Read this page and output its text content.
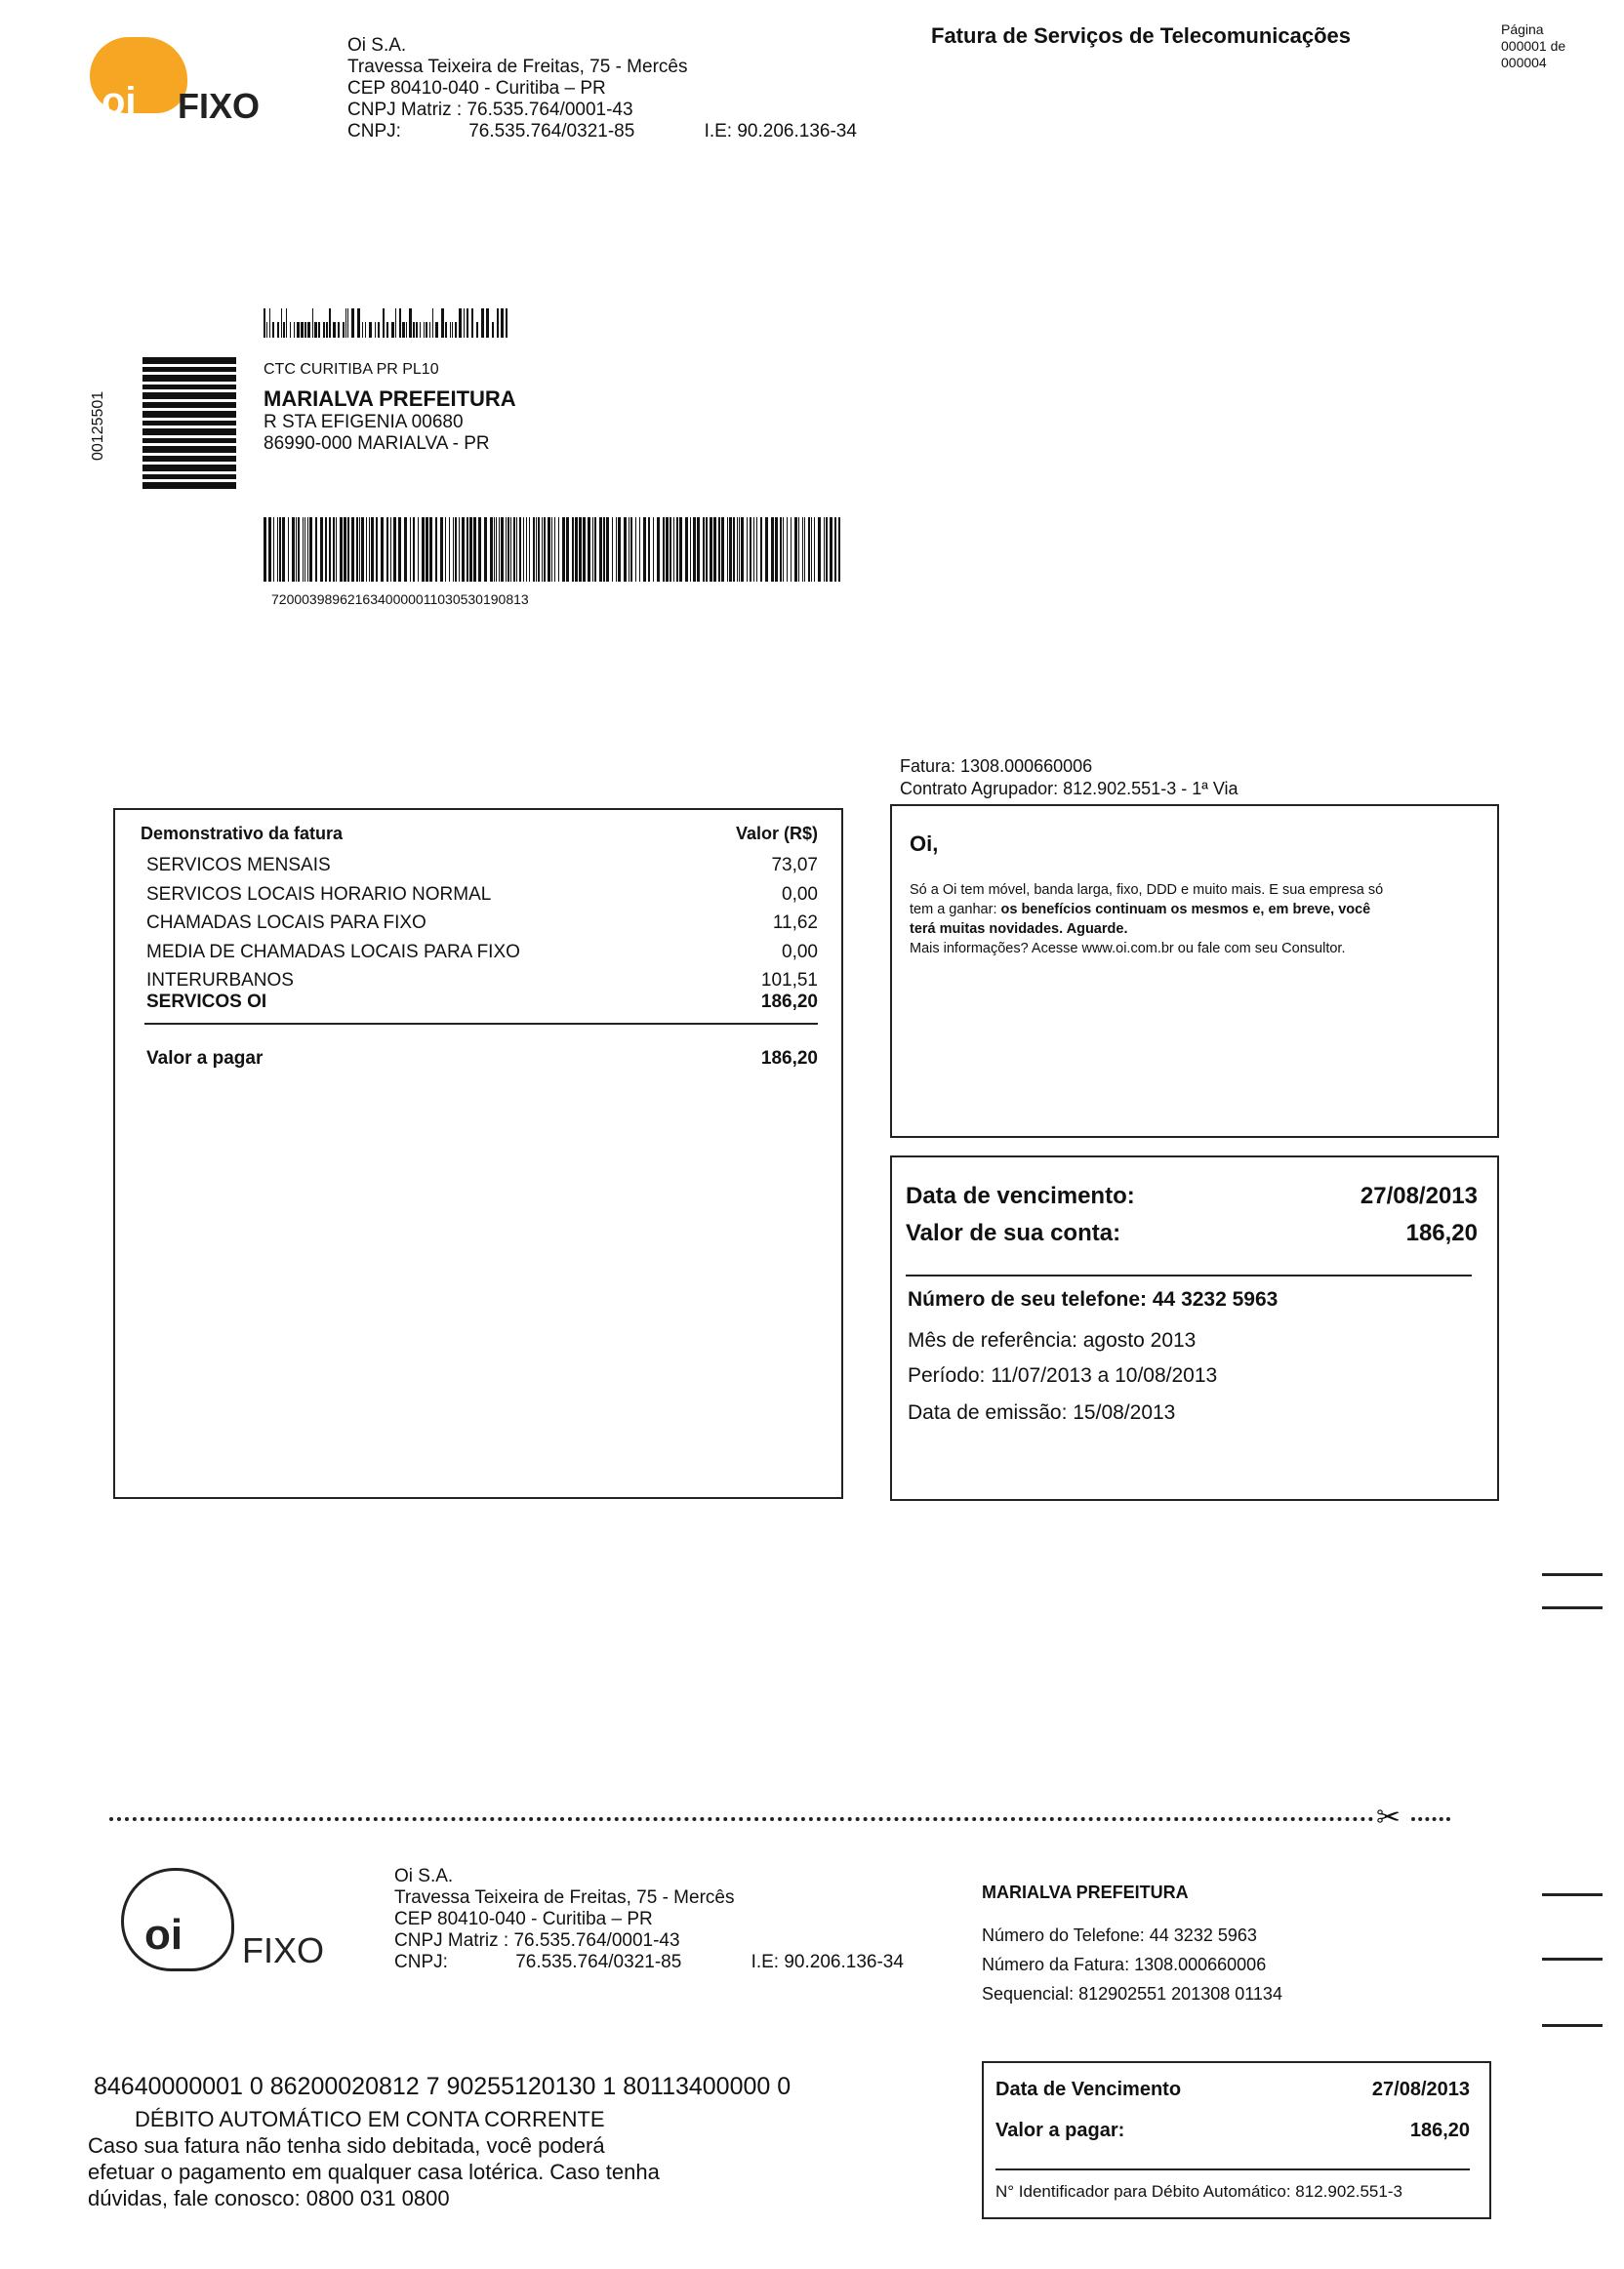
oi FIXO
Oi S.A.
Travessa Teixeira de Freitas, 75 - Mercês
CEP 80410-040 - Curitiba – PR
CNPJ Matriz : 76.535.764/0001-43
CNPJ:	76.535.764/0321-85	I.E: 90.206.136-34
Fatura de Serviços de Telecomunicações	Página
000001 de
000004
00125501
CTC CURITIBA PR PL10
MARIALVA PREFEITURA
R STA EFIGENIA 00680
86990-000 MARIALVA - PR
720003989621634000001103053019081​3
Fatura: 1308.000660006
Contrato Agrupador: 812.902.551-3 - 1ª Via
Demonstrativo da fatura	Valor (R$)
SERVICOS MENSAIS	73,07
SERVICOS LOCAIS HORARIO NORMAL	0,00
CHAMADAS LOCAIS PARA FIXO	11,62
MEDIA DE CHAMADAS LOCAIS PARA FIXO	0,00
INTERURBANOS	101,51
SERVICOS OI	186,20
Valor a pagar	186,20
Oi,
Só a Oi tem móvel, banda larga, fixo, DDD e muito mais. E sua empresa só
tem a ganhar: os benefícios continuam os mesmos e, em breve, você
terá muitas novidades. Aguarde.
Mais informações? Acesse www.oi.com.br ou fale com seu Consultor.
Data de vencimento:	27/08/2013
Valor de sua conta:	186,20
Número de seu telefone: 44 3232 5963
Mês de referência: agosto 2013
Período: 11/07/2013 a 10/08/2013
Data de emissão: 15/08/2013
✂
oi FIXO
Oi S.A.
Travessa Teixeira de Freitas, 75 - Mercês
CEP 80410-040 - Curitiba – PR
CNPJ Matriz : 76.535.764/0001-43
CNPJ:	76.535.764/0321-85	I.E: 90.206.136-34
MARIALVA PREFEITURA
Número do Telefone: 44 3232 5963
Número da Fatura: 1308.000660006
Sequencial: 812902551 201308 01134
84640000001 0 86200020812 7 90255120130 1 80113400000 0
DÉBITO AUTOMÁTICO EM CONTA CORRENTE
Caso sua fatura não tenha sido debitada, você poderá
efetuar o pagamento em qualquer casa lotérica. Caso tenha
dúvidas, fale conosco: 0800 031 0800
Data de Vencimento	27/08/2013
Valor a pagar:	186,20
N° Identificador para Débito Automático: 812.902.551-3
